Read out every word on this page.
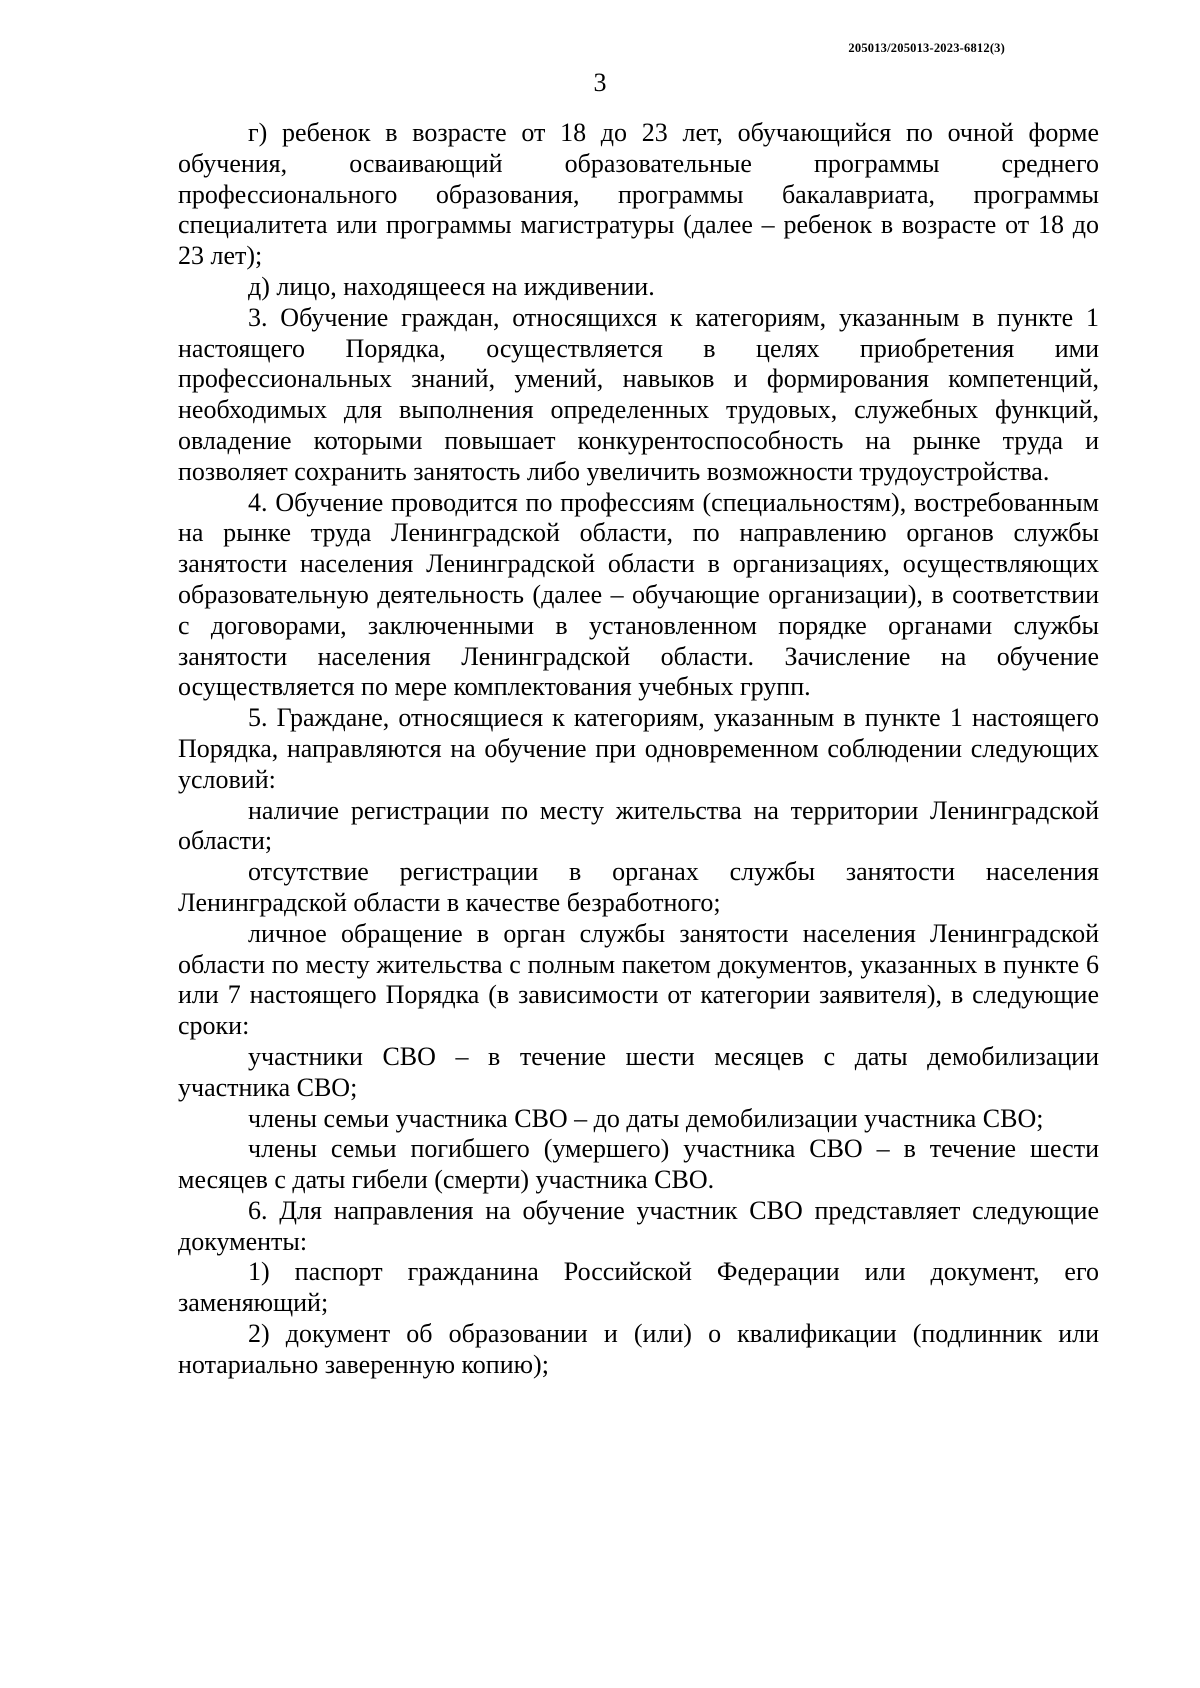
205013/205013-2023-6812(3)
3

г) ребенок в возрасте от 18 до 23 лет, обучающийся по очной форме обучения, осваивающий образовательные программы среднего профессионального образования, программы бакалавриата, программы специалитета или программы магистратуры (далее – ребенок в возрасте от 18 до 23 лет);

д) лицо, находящееся на иждивении.

3. Обучение граждан, относящихся к категориям, указанным в пункте 1 настоящего Порядка, осуществляется в целях приобретения ими профессиональных знаний, умений, навыков и формирования компетенций, необходимых для выполнения определенных трудовых, служебных функций, овладение которыми повышает конкурентоспособность на рынке труда и позволяет сохранить занятость либо увеличить возможности трудоустройства.

4. Обучение проводится по профессиям (специальностям), востребованным на рынке труда Ленинградской области, по направлению органов службы занятости населения Ленинградской области в организациях, осуществляющих образовательную деятельность (далее – обучающие организации), в соответствии с договорами, заключенными в установленном порядке органами службы занятости населения Ленинградской области. Зачисление на обучение осуществляется по мере комплектования учебных групп.

5. Граждане, относящиеся к категориям, указанным в пункте 1 настоящего Порядка, направляются на обучение при одновременном соблюдении следующих условий:

наличие регистрации по месту жительства на территории Ленинградской области;

отсутствие регистрации в органах службы занятости населения Ленинградской области в качестве безработного;

личное обращение в орган службы занятости населения Ленинградской области по месту жительства с полным пакетом документов, указанных в пункте 6 или 7 настоящего Порядка (в зависимости от категории заявителя), в следующие сроки:

участники СВО – в течение шести месяцев с даты демобилизации участника СВО;

члены семьи участника СВО – до даты демобилизации участника СВО;

члены семьи погибшего (умершего) участника СВО – в течение шести месяцев с даты гибели (смерти) участника СВО.

6. Для направления на обучение участник СВО представляет следующие документы:

1) паспорт гражданина Российской Федерации или документ, его заменяющий;

2) документ об образовании и (или) о квалификации (подлинник или нотариально заверенную копию);
